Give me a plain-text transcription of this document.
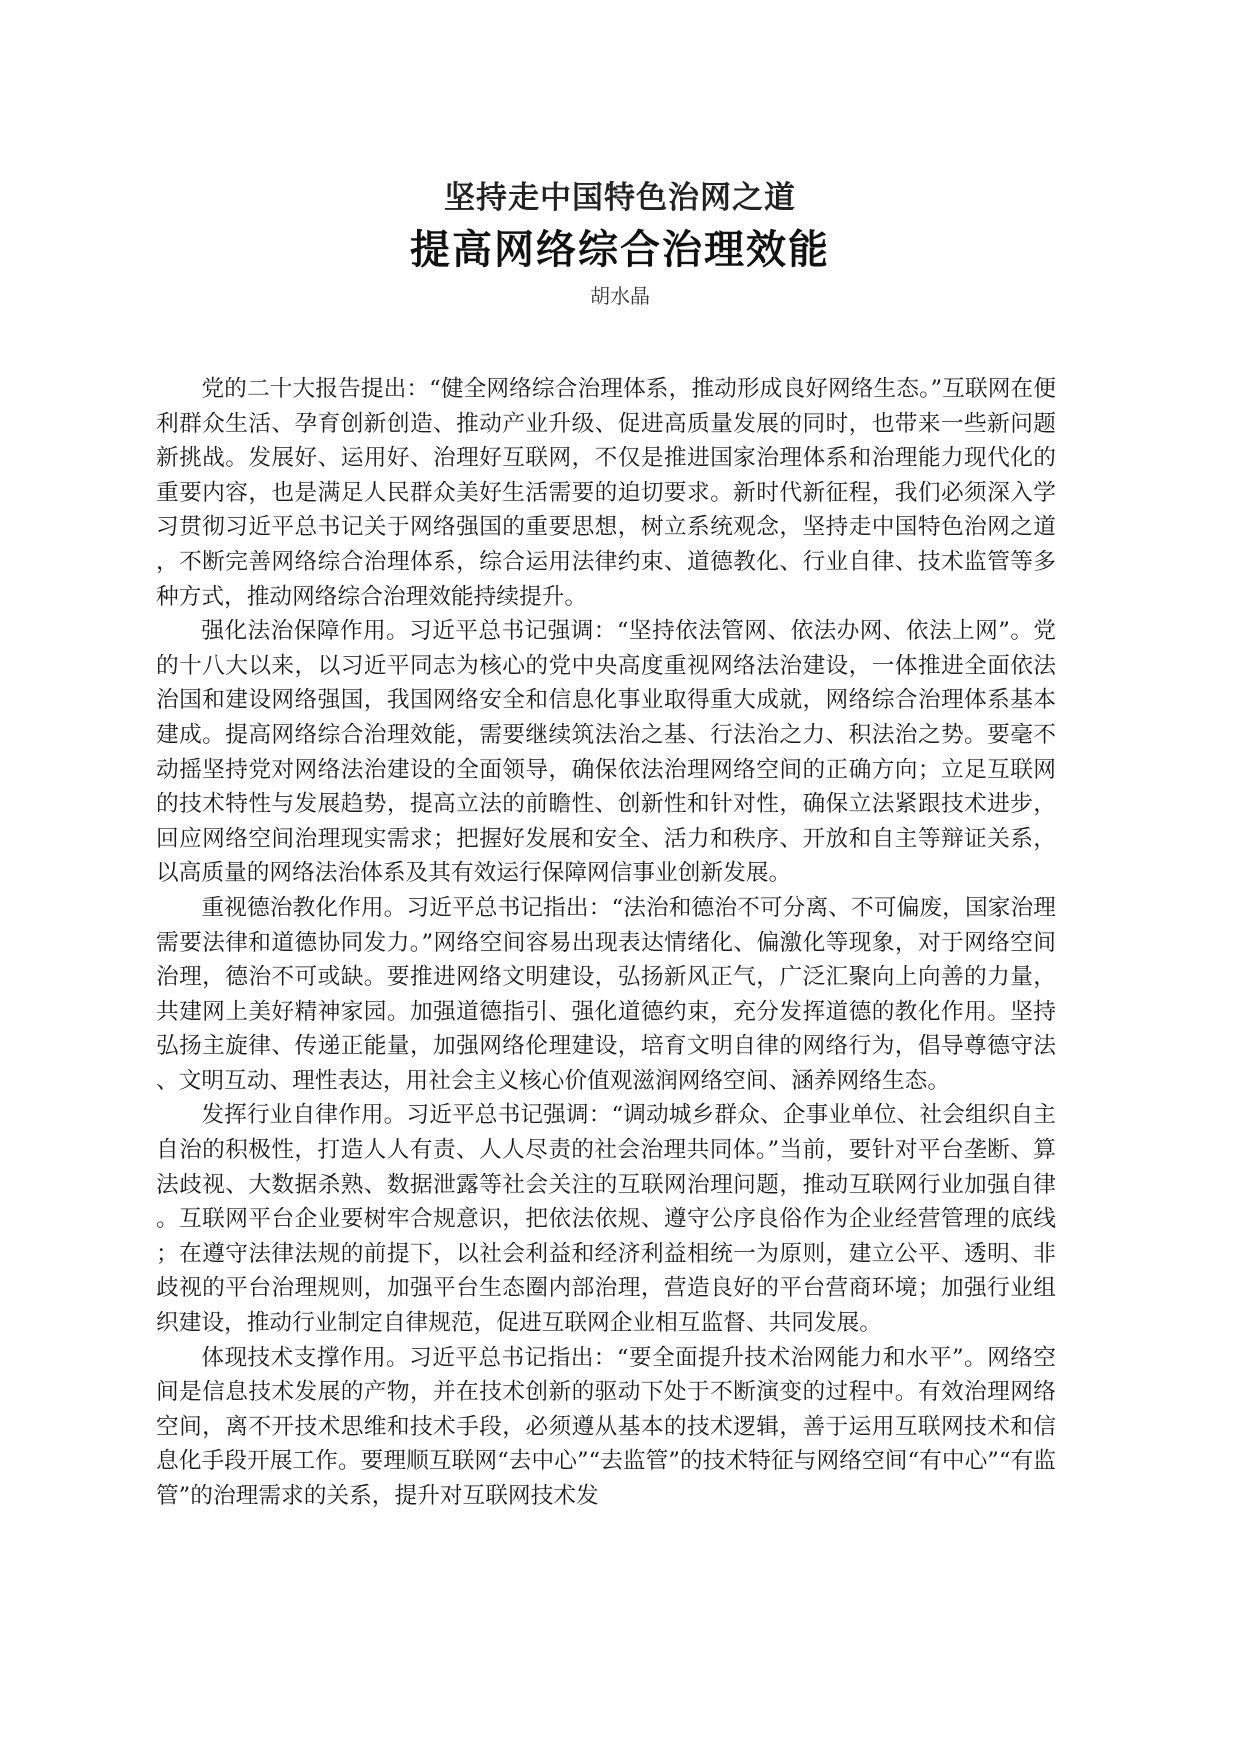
坚持走中国特色治网之道
提高网络综合治理效能
胡水晶

党的二十大报告提出：“健全网络综合治理体系，推动形成良好网络生态。”互联网在便利群众生活、孕育创新创造、推动产业升级、促进高质量发展的同时，也带来一些新问题新挑战。发展好、运用好、治理好互联网，不仅是推进国家治理体系和治理能力现代化的重要内容，也是满足人民群众美好生活需要的迫切要求。新时代新征程，我们必须深入学习贯彻习近平总书记关于网络强国的重要思想，树立系统观念，坚持走中国特色治网之道，不断完善网络综合治理体系，综合运用法律约束、道德教化、行业自律、技术监管等多种方式，推动网络综合治理效能持续提升。

强化法治保障作用。习近平总书记强调：“坚持依法管网、依法办网、依法上网”。党的十八大以来，以习近平同志为核心的党中央高度重视网络法治建设，一体推进全面依法治国和建设网络强国，我国网络安全和信息化事业取得重大成就，网络综合治理体系基本建成。提高网络综合治理效能，需要继续筑法治之基、行法治之力、积法治之势。要毫不动摇坚持党对网络法治建设的全面领导，确保依法治理网络空间的正确方向；立足互联网的技术特性与发展趋势，提高立法的前瞻性、创新性和针对性，确保立法紧跟技术进步，回应网络空间治理现实需求；把握好发展和安全、活力和秩序、开放和自主等辩证关系，以高质量的网络法治体系及其有效运行保障网信事业创新发展。

重视德治教化作用。习近平总书记指出：“法治和德治不可分离、不可偏废，国家治理需要法律和道德协同发力。”网络空间容易出现表达情绪化、偏激化等现象，对于网络空间治理，德治不可或缺。要推进网络文明建设，弘扬新风正气，广泛汇聚向上向善的力量，共建网上美好精神家园。加强道德指引、强化道德约束，充分发挥道德的教化作用。坚持弘扬主旋律、传递正能量，加强网络伦理建设，培育文明自律的网络行为，倡导尊德守法、文明互动、理性表达，用社会主义核心价值观滋润网络空间、涵养网络生态。

发挥行业自律作用。习近平总书记强调：“调动城乡群众、企事业单位、社会组织自主自治的积极性，打造人人有责、人人尽责的社会治理共同体。”当前，要针对平台垄断、算法歧视、大数据杀熟、数据泄露等社会关注的互联网治理问题，推动互联网行业加强自律。互联网平台企业要树牢合规意识，把依法依规、遵守公序良俗作为企业经营管理的底线；在遵守法律法规的前提下，以社会利益和经济利益相统一为原则，建立公平、透明、非歧视的平台治理规则，加强平台生态圈内部治理，营造良好的平台营商环境；加强行业组织建设，推动行业制定自律规范，促进互联网企业相互监督、共同发展。

体现技术支撑作用。习近平总书记指出：“要全面提升技术治网能力和水平”。网络空间是信息技术发展的产物，并在技术创新的驱动下处于不断演变的过程中。有效治理网络空间，离不开技术思维和技术手段，必须遵从基本的技术逻辑，善于运用互联网技术和信息化手段开展工作。要理顺互联网“去中心”“去监管”的技术特征与网络空间“有中心”“有监管”的治理需求的关系，提升对互联网技术发
